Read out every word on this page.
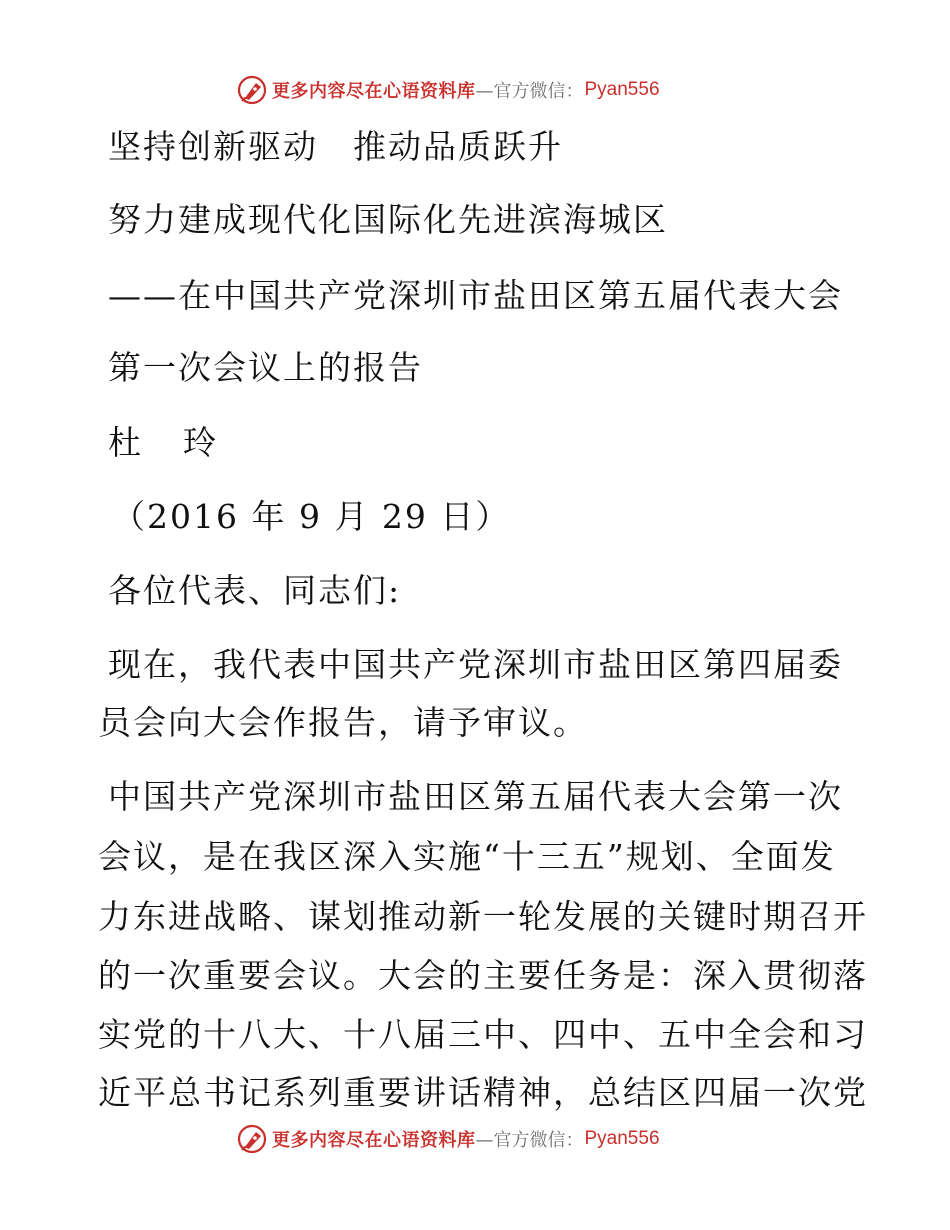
更多内容尽在心语资料库 —官方微信： Pyan556
坚持创新驱动　推动品质跃升
努力建成现代化国际化先进滨海城区
——在中国共产党深圳市盐田区第五届代表大会
第一次会议上的报告
杜 玲
（2016 年 9 月 29 日）
各位代表、同志们:
现在，我代表中国共产党深圳市盐田区第四届委
员会向大会作报告，请予审议。
中国共产党深圳市盐田区第五届代表大会第一次
会议，是在我区深入实施“十三五”规划、全面发
力东进战略、谋划推动新一轮发展的关键时期召开
的一次重要会议。大会的主要任务是：深入贯彻落
实党的十八大、十八届三中、四中、五中全会和习
近平总书记系列重要讲话精神，总结区四届一次党
更多内容尽在心语资料库 —官方微信： Pyan556
